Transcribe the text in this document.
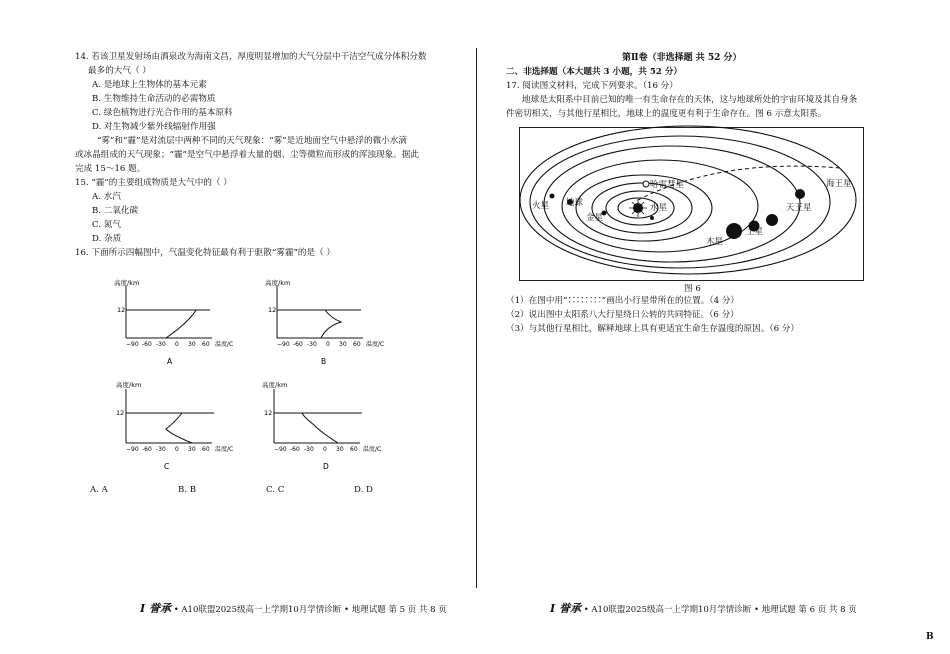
14. 若该卫星发射场由酒泉改为海南文昌，厚度明显增加的大气分层中干洁空气成分体积分数
最多的大气（ ）
A. 是地球上生物体的基本元素
B. 生物维持生命活动的必需物质
C. 绿色植物进行光合作用的基本原料
D. 对生物减少紫外线辐射作用强
“雾”和“霾”是对流层中两种不同的天气现象：“雾”是近地面空气中悬浮的微小水滴
或冰晶组成的天气现象；“霾”是空气中悬浮着大量的烟、尘等微粒而形成的浑浊现象。据此
完成 15～16 题。
15. “霾”的主要组成物质是大气中的（ ）
A. 水汽
B. 二氧化碳
C. 氮气
D. 杂质
16. 下面所示四幅图中，气温变化特征最有利于驱散“雾霾”的是（ ）
高度/km
12
−90 -60 -30 0 30 60 温度/C
A
高度/km
12
−90 -60 -30 0 30 60 温度/C
B
高度/km
12
−90 -60 -30 0 30 60 温度/C
C
高度/km
12
−90 -60 -30 0 30 60 温度/C
D
A. A	B. B	C. C	D. D
I 誉承 • A10联盟2025级高一上学期10月学情诊断 • 地理试题 第 5 页 共 8 页
第Ⅱ卷（非选择题 共 52 分）
二、非选择题（本大题共 3 小题，共 52 分）
17. 阅读图文材料，完成下列要求。（16 分）
地球是太阳系中目前已知的唯一有生命存在的天体，这与地球所处的宇宙环境及其自身条
件密切相关，与其他行星相比，地球上的温度更有利于生命存在。图 6 示意太阳系。
哈雷彗星
火星 地球
金星
水星
木星
土星
天王星
海王星
图 6
（1）在图中用“∷∷∷∷”画出小行星带所在的位置。（4 分）
（2）说出图中太阳系八大行星绕日公转的共同特征。（6 分）
（3）与其他行星相比，解释地球上具有更适宜生命生存温度的原因。（6 分）
I 誉承 • A10联盟2025级高一上学期10月学情诊断 • 地理试题 第 6 页 共 8 页
B
